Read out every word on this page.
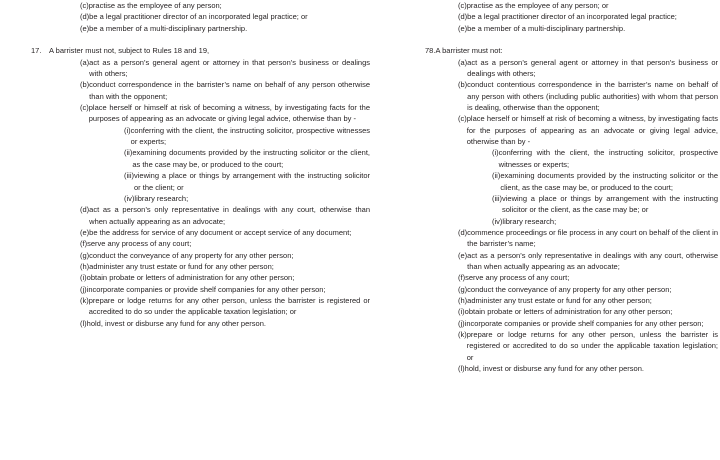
(c) practise as the employee of any person;
(d) be a legal practitioner director of an incorporated legal practice; or
(e) be a member of a multi-disciplinary partnership.
17.	A barrister must not, subject to Rules 18 and 19,
(a) act as a person’s general agent or attorney in that person’s business or dealings with others;
(b) conduct correspondence in the barrister’s name on behalf of any person otherwise than with the opponent;
(c) place herself or himself at risk of becoming a witness, by investigating facts for the purposes of appearing as an advocate or giving legal advice, otherwise than by -
(i) conferring with the client, the instructing solicitor, prospective witnesses or experts;
(ii) examining documents provided by the instructing solicitor or the client, as the case may be, or produced to the court;
(iii) viewing a place or things by arrangement with the instructing solicitor or the client; or
(iv) library research;
(d) act as a person’s only representative in dealings with any court, otherwise than when actually appearing as an advocate;
(e) be the address for service of any document or accept service of any document;
(f) serve any process of any court;
(g) conduct the conveyance of any property for any other person;
(h) administer any trust estate or fund for any other person;
(i) obtain probate or letters of administration for any other person;
(j) incorporate companies or provide shelf companies for any other person;
(k) prepare or lodge returns for any other person, unless the barrister is registered or accredited to do so under the applicable taxation legislation; or
(l) hold, invest or disburse any fund for any other person.
(c) practise as the employee of any person; or
(d) be a legal practitioner director of an incorporated legal practice;
(e) be a member of a multi-disciplinary partnership.
78. A barrister must not:
(a) act as a person’s general agent or attorney in that person’s business or dealings with others;
(b) conduct contentious correspondence in the barrister’s name on behalf of any person with others (including public authorities) with whom that person is dealing, otherwise than the opponent;
(c) place herself or himself at risk of becoming a witness, by investigating facts for the purposes of appearing as an advocate or giving legal advice, otherwise than by -
(i) conferring with the client, the instructing solicitor, prospective witnesses or experts;
(ii) examining documents provided by the instructing solicitor or the client, as the case may be, or produced to the court;
(iii) viewing a place or things by arrangement with the instructing solicitor or the client, as the case may be; or
(iv) library research;
(d) commence proceedings or file process in any court on behalf of the client in the barrister’s name;
(e) act as a person’s only representative in dealings with any court, otherwise than when actually appearing as an advocate;
(f) serve any process of any court;
(g) conduct the conveyance of any property for any other person;
(h) administer any trust estate or fund for any other person;
(i) obtain probate or letters of administration for any other person;
(j) incorporate companies or provide shelf companies for any other person;
(k) prepare or lodge returns for any other person, unless the barrister is registered or accredited to do so under the applicable taxation legislation; or
(l) hold, invest or disburse any fund for any other person.
